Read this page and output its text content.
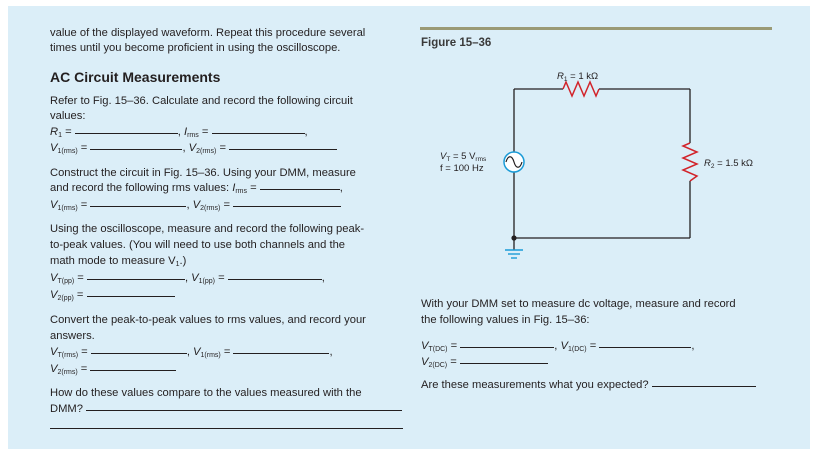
value of the displayed waveform. Repeat this procedure several
times until you become proficient in using the oscilloscope.
AC Circuit Measurements
Refer to Fig. 15–36. Calculate and record the following circuit
values:
$R_1$ =	, $I_{rms}$ =	,
$V_{1(rms)}$ =	, $V_{2(rms)}$ =
Construct the circuit in Fig. 15–36. Using your DMM, measure
and record the following rms values: $I_{rms}$ =	,
$V_{1(rms)}$ =	, $V_{2(rms)}$ =
Using the oscilloscope, measure and record the following peak-
to-peak values. (You will need to use both channels and the
math mode to measure $V_1$.)
$V_{T(pp)}$ =	, $V_{1(pp)}$ =	,
$V_{2(pp)}$ =
Convert the peak-to-peak values to rms values, and record your
answers.
$V_{T(rms)}$ =	, $V_{1(rms)}$ =	,
$V_{2(rms)}$ =
How do these values compare to the values measured with the
DMM?
Figure 15–36
$R_1 = 1$ kΩ
$R_2 = 1.5$ kΩ
$V_T = 5$ $V_{rms}$
f = 100 Hz
With your DMM set to measure dc voltage, measure and record
the following values in Fig. 15–36:
$V_{T(DC)}$ =	, $V_{1(DC)}$ =	,
$V_{2(DC)}$ =
Are these measurements what you expected?
